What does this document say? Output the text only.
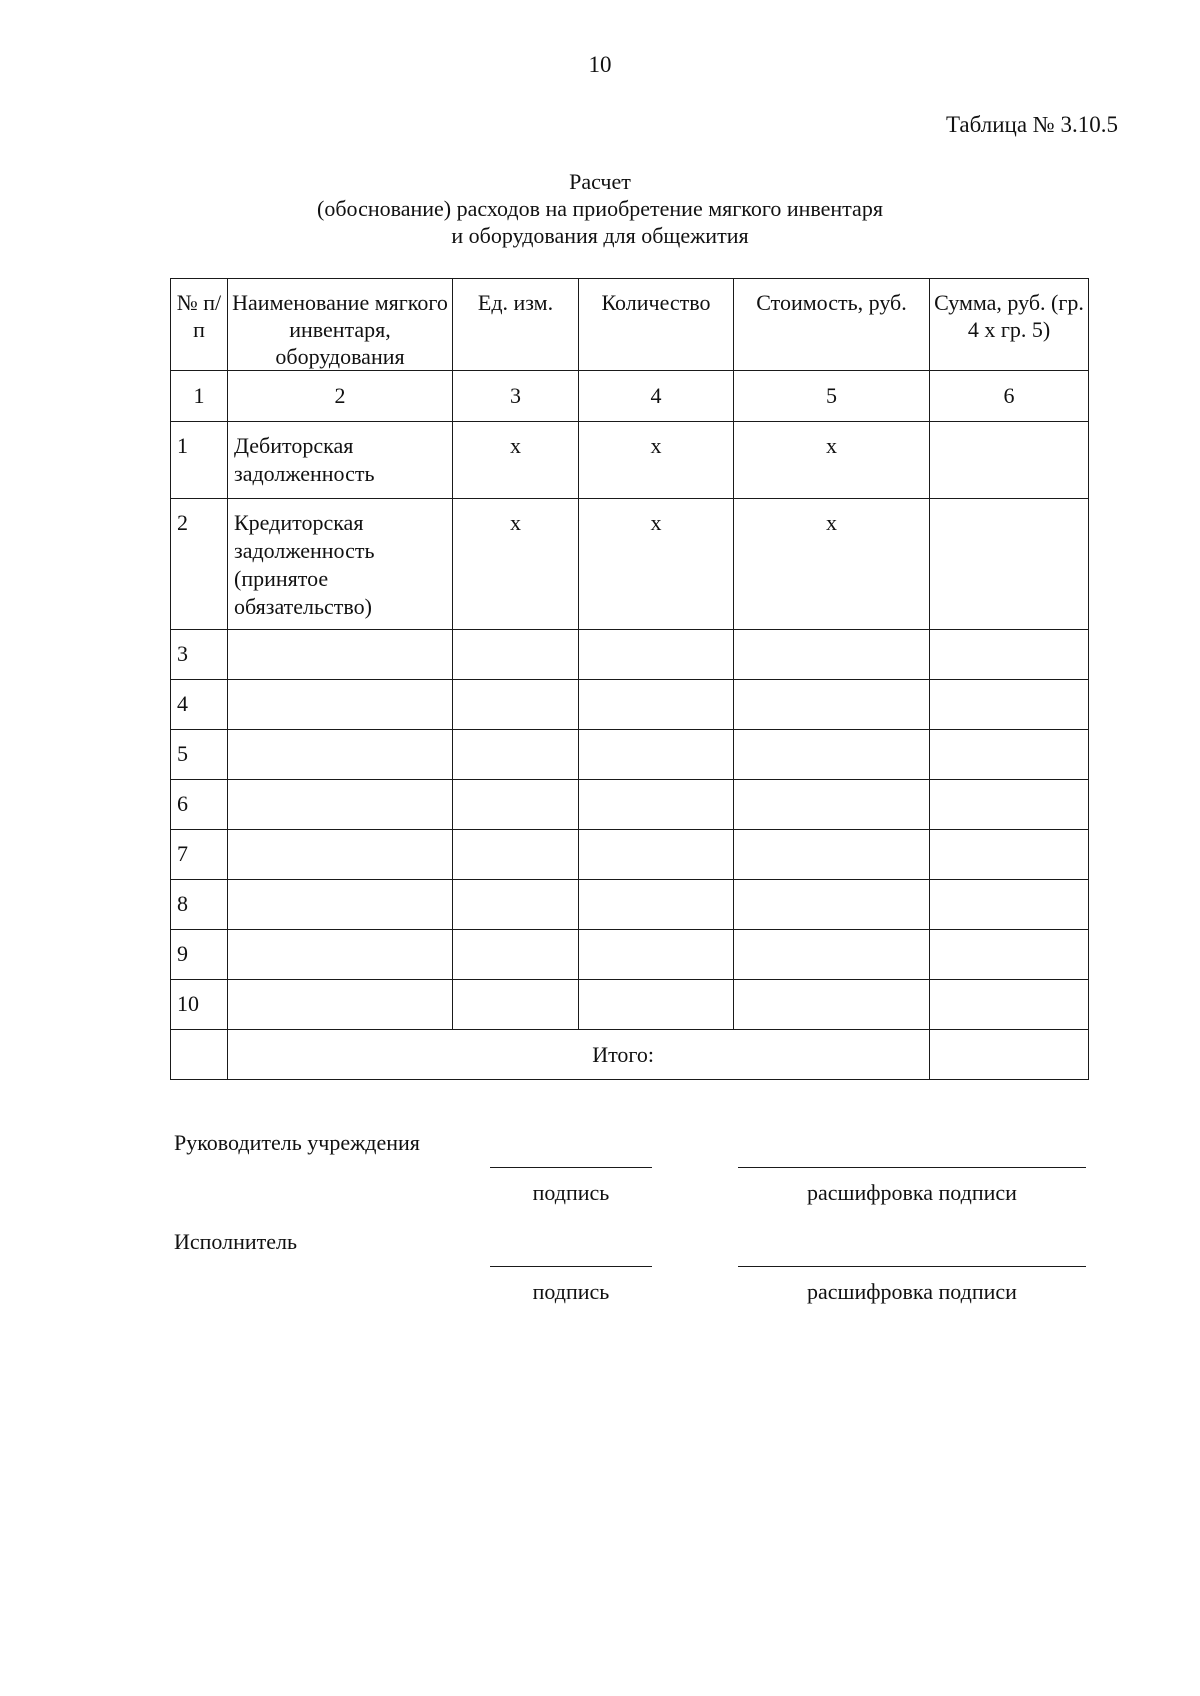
10
Таблица № 3.10.5
Расчет
(обоснование) расходов на приобретение мягкого инвентаря
и оборудования для общежития
№ п/п	Наименование мягкого инвентаря, оборудования	Ед. изм.	Количество	Стоимость, руб.	Сумма, руб. (гр. 4 х гр. 5)
1	2	3	4	5	6
1	Дебиторская задолженность	х	х	х	
2	Кредиторская задолженность (принятое обязательство)	х	х	х	
3					
4					
5					
6					
7					
8					
9					
10					
	Итого:				
Руководитель учреждения
подпись	расшифровка подписи
Исполнитель
подпись	расшифровка подписи
